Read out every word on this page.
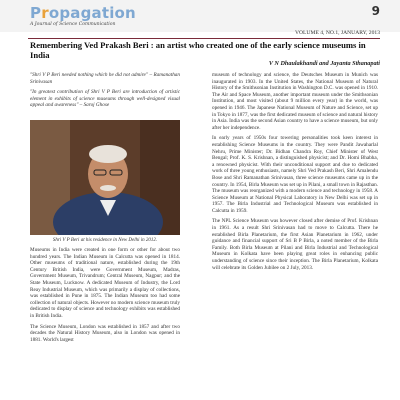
Propagation
A Journal of Science Communication
9
VOLUME 4, NO.1, JANUARY, 2013
Remembering Ved Prakash Beri : an artist who created one of the early science museums in India
V N Dhaulakhandi and Jayanta Sthanapati

"Shri V P Beri needed nothing which he did not admire" – Ramanathan Srinivasan

"In greatest contribution of Shri V P Beri are introduction of artistic element in exhibits of science museums through well-designed visual appeal and awareness" – Saroj Ghose

Shri V P Beri at his residence in New Delhi in 2012.

Museums in India were created in one form or other for about two hundred years. The Indian Museum in Calcutta was opened in 1814. Other museums of traditional nature, established during the 19th Century British India, were Government Museum, Madras, Government Museum, Trivandrum; Central Museum, Nagpur; and the State Museum, Lucknow. A dedicated Museum of Industry, the Lord Reay Industrial Museum, which was primarily a display of collections, was established in Pune in 1875. The Indian Museum too had some collection of natural objects. However no modern science museum truly dedicated to display of science and technology exhibits was established in British India.

The Science Museum, London was established in 1857 and after two decades the Natural History Museum, also in London was opened in 1881. World's largest

museum of technology and science, the Deutsches Museum in Munich was inaugurated in 1903. In the United States, the National Museum of Natural History of the Smithsonian Institution in Washington D.C. was opened in 1910. The Air and Space Museum, another important museum under the Smithsonian Institution, and most visited (about 9 million every year) in the world, was opened in 1946. The Japanese National Museum of Nature and Science, set up in Tokyo in 1877, was the first dedicated museum of science and natural history in Asia. India was the second Asian country to have a science museum, but only after her independence.

In early years of 1950s four towering personalities took keen interest in establishing Science Museums in the country. They were Pandit Jawaharlal Nehru, Prime Minister; Dr. Bidhan Chandra Roy, Chief Minister of West Bengal; Prof. K. S. Krishnan, a distinguished physicist; and Dr. Homi Bhabha, a renowned physicist. With their unconditional support and due to dedicated work of three young enthusiasts, namely Shri Ved Prakash Beri, Shri Amalendu Bose and Shri Ramanathan Srinivasan, three science museums came up in the country. In 1954, Birla Museum was set up in Pilani, a small town in Rajasthan. The museum was reorganized with a modern science and technology in 1958. A Science Museum at National Physical Laboratory in New Delhi was set up in 1957. The Birla Industrial and Technological Museum was established in Calcutta in 1959.

The NPL Science Museum was however closed after demise of Prof. Krishnan in 1961. As a result Shri Srinivasan had to move to Calcutta. There he established Birla Planetarium, the first Asian Planetarium in 1962, under guidance and financial support of Sri B P Birla, a noted member of the Birla Family. Both Birla Museum at Pilani and Birla Industrial and Technological Museum in Kolkata have been playing great roles in enhancing public understanding of science since their inception. The Birla Planetarium, Kolkata will celebrate its Golden Jubilee on 2 July, 2013.
